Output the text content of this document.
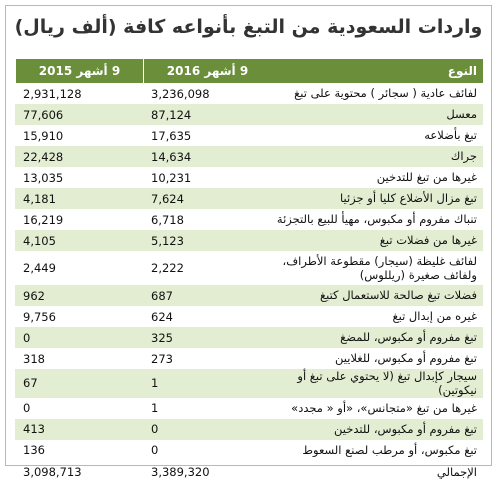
واردات السعودية من التبغ بأنواعه كافة (ألف ريال)
النوع
9 أشهر 2016
9 أشهر 2015
لفائف عادية ( سجائر ) محتوية على تبغ
3,236,098
2,931,128
معسل
87,124
77,606
تبغ بأضلاعه
17,635
15,910
جراك
14,634
22,428
غيرها من تبغ للتدخين
10,231
13,035
تبغ مزال الأضلاع كليا أو جزئيا
7,624
4,181
تنباك مفروم أو مكبوس، مهيأ للبيع بالتجزئة
6,718
16,219
غيرها من فضلات تبغ
5,123
4,105
لفائف غليظة (سيجار) مقطوعة الأطراف، ولفائف صغيرة (ريللوس)
2,222
2,449
فضلات تبغ صالحة للاستعمال كتبغ
687
962
غيره من إبدال تبغ
624
9,756
تبغ مفروم أو مكبوس، للمضغ
325
0
تبغ مفروم أو مكبوس، للغلايين
273
318
سيجار كإبدال تبغ (لا يحتوي على تبغ أو نيكوتين)
1
67
غيرها من تبغ «متجانس»، «أو « مجدد»
1
0
تبغ مفروم أو مكبوس، للتدخين
0
413
تبغ مكبوس، أو مرطب لصنع السعوط
0
136
الإجمالي
3,389,320
3,098,713
